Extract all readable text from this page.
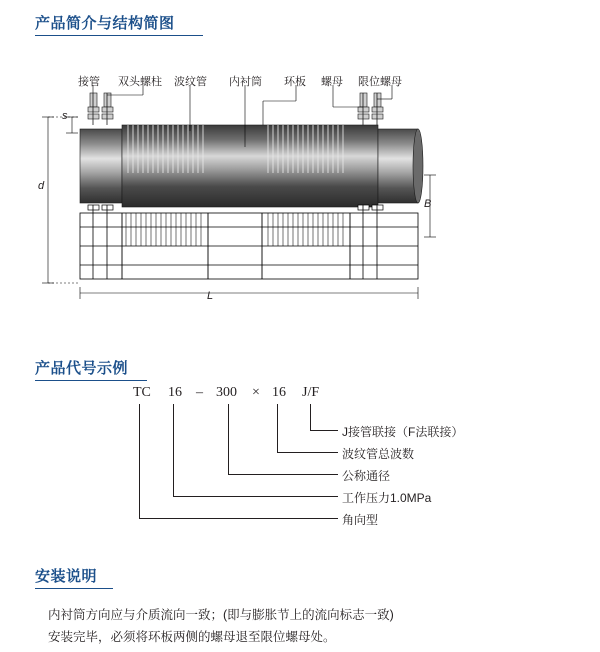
产品简介与结构简图
接管 双头螺柱 波纹管 内衬筒 环板 螺母 限位螺母
s
d
B
L
产品代号示例
TC 16 – 300 × 16 J/F
J接管联接（F法联接）
波纹管总波数
公称通径
工作压力1.0MPa
角向型
安装说明
内衬筒方向应与介质流向一致；(即与膨胀节上的流向标志一致)
安装完毕，必须将环板两侧的螺母退至限位螺母处。
